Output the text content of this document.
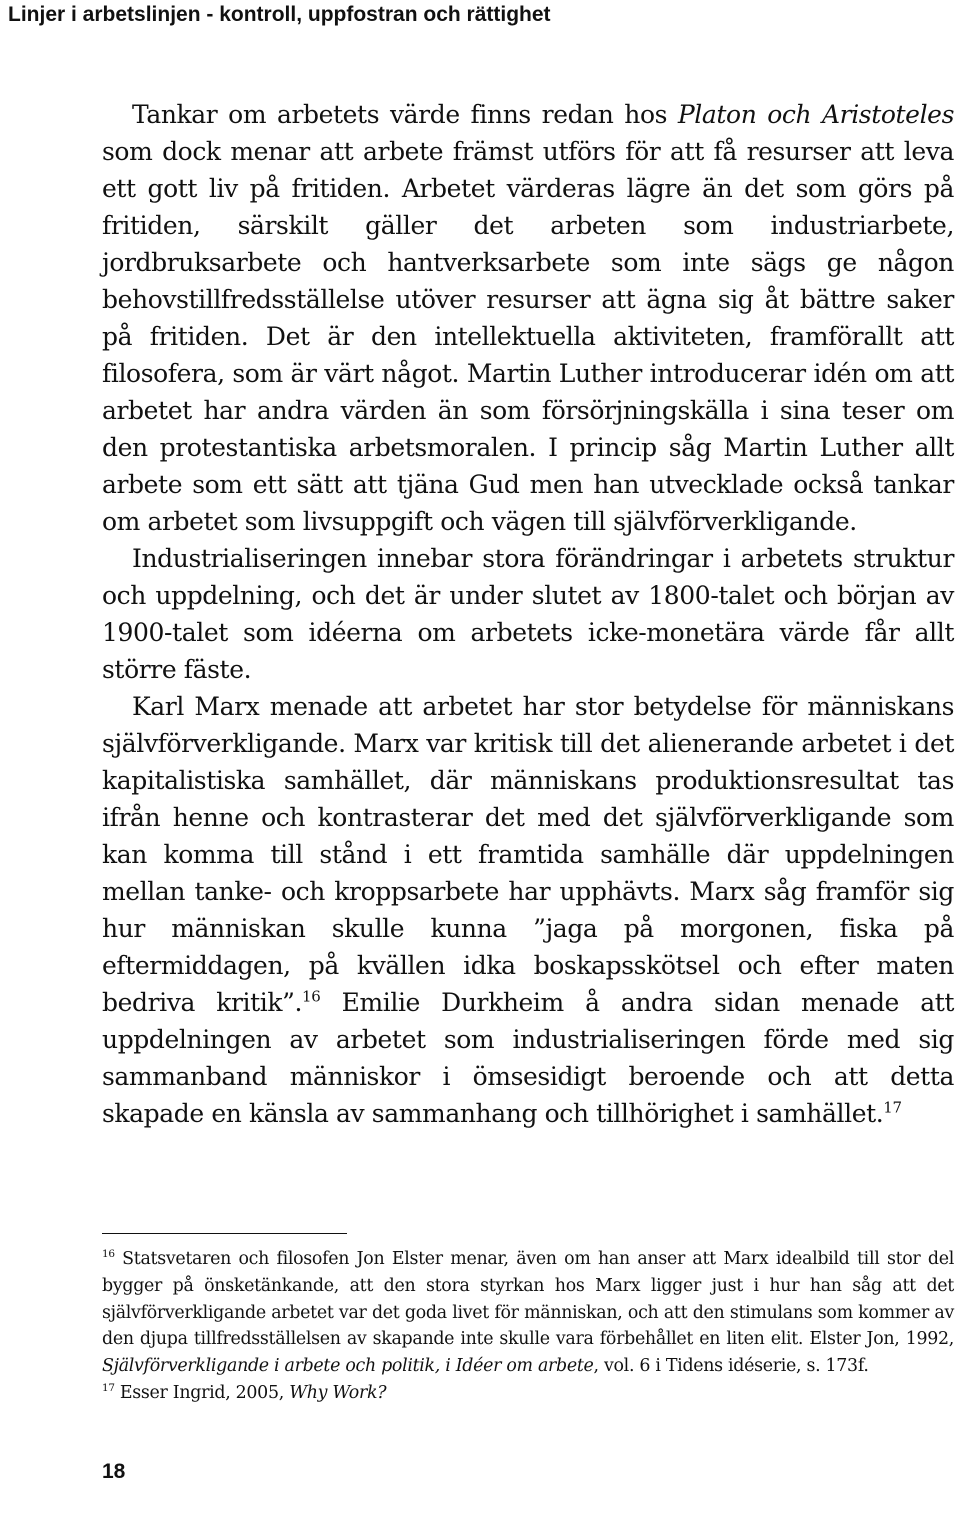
Linjer i arbetslinjen - kontroll, uppfostran och rättighet

Tankar om arbetets värde finns redan hos Platon och Aristoteles som dock menar att arbete främst utförs för att få resurser att leva ett gott liv på fritiden. Arbetet värderas lägre än det som görs på fritiden, särskilt gäller det arbeten som industriarbete, jordbruksarbete och hantverksarbete som inte sägs ge någon behovstillfredsställelse utöver resurser att ägna sig åt bättre saker på fritiden. Det är den intellektuella aktiviteten, framförallt att filosofera, som är värt något. Martin Luther introducerar idén om att arbetet har andra värden än som försörjningskälla i sina teser om den protestantiska arbetsmoralen. I princip såg Martin Luther allt arbete som ett sätt att tjäna Gud men han utvecklade också tankar om arbetet som livsuppgift och vägen till självförverkligande.

Industrialiseringen innebar stora förändringar i arbetets struktur och uppdelning, och det är under slutet av 1800-talet och början av 1900-talet som idéerna om arbetets icke-monetära värde får allt större fäste.

Karl Marx menade att arbetet har stor betydelse för människans självförverkligande. Marx var kritisk till det alienerande arbetet i det kapitalistiska samhället, där människans produktionsresultat tas ifrån henne och kontrasterar det med det självförverkligande som kan komma till stånd i ett framtida samhälle där uppdelningen mellan tanke- och kroppsarbete har upphävts. Marx såg framför sig hur människan skulle kunna ”jaga på morgonen, fiska på eftermiddagen, på kvällen idka boskapsskötsel och efter maten bedriva kritik”.$^{16}$ Emilie Durkheim å andra sidan menade att uppdelningen av arbetet som industrialiseringen förde med sig sammanband människor i ömsesidigt beroende och att detta skapade en känsla av sammanhang och tillhörighet i samhället.$^{17}$

$^{16}$ Statsvetaren och filosofen Jon Elster menar, även om han anser att Marx idealbild till stor del bygger på önsketänkande, att den stora styrkan hos Marx ligger just i hur han såg att det självförverkligande arbetet var det goda livet för människan, och att den stimulans som kommer av den djupa tillfredsställelsen av skapande inte skulle vara förbehållet en liten elit. Elster Jon, 1992, Självförverkligande i arbete och politik, i Idéer om arbete, vol. 6 i Tidens idéserie, s. 173f.

$^{17}$ Esser Ingrid, 2005, Why Work?

18
